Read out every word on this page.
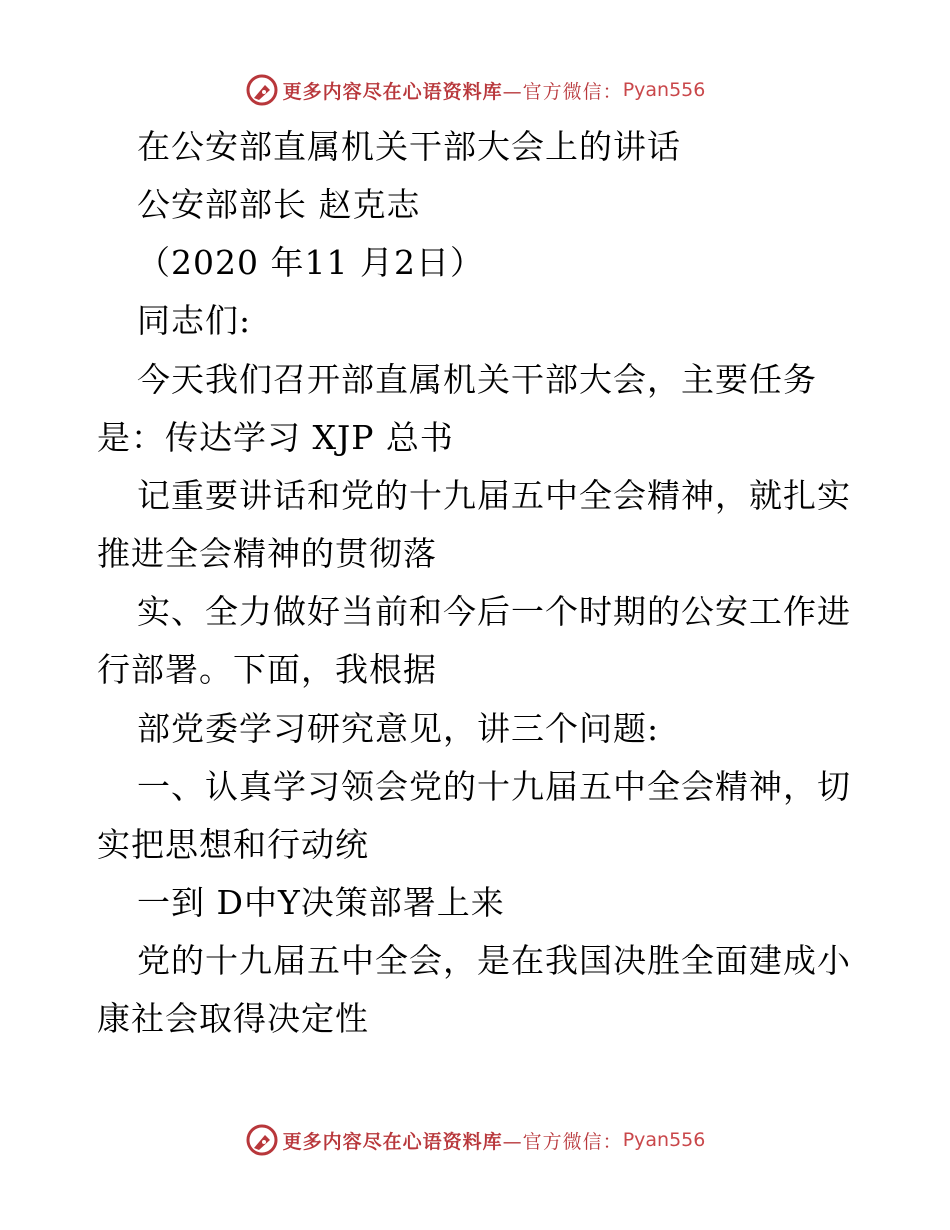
更多内容尽在心语资料库 —官方微信： Pyan556
在公安部直属机关干部大会上的讲话
公安部部长 赵克志
（2020 年11 月2日）
同志们:
今天我们召开部直属机关干部大会，主要任务
是：传达学习 XJP 总书
记重要讲话和党的十九届五中全会精神，就扎实
推进全会精神的贯彻落
实、全力做好当前和今后一个时期的公安工作进
行部署。下面，我根据
部党委学习研究意见，讲三个问题:
一、认真学习领会党的十九届五中全会精神，切
实把思想和行动统
一到 D中Y决策部署上来
党的十九届五中全会，是在我国决胜全面建成小
康社会取得决定性
更多内容尽在心语资料库 —官方微信： Pyan556
